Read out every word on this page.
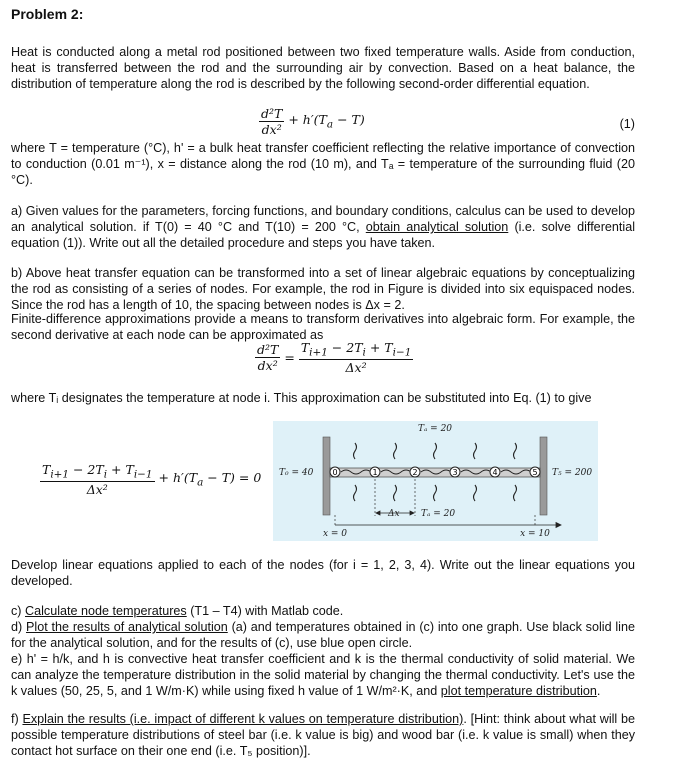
Problem 2:
Heat is conducted along a metal rod positioned between two fixed temperature walls. Aside from conduction, heat is transferred between the rod and the surrounding air by convection. Based on a heat balance, the distribution of temperature along the rod is described by the following second-order differential equation.
$\frac{\text{d²T}}{\text{dx²}} + h'(T_a - T)$	(1)
where T = temperature (°C), h' = a bulk heat transfer coefficient reflecting the relative importance of convection to conduction (0.01 m⁻¹), x = distance along the rod (10 m), and Tₐ = temperature of the surrounding fluid (20 °C).
a) Given values for the parameters, forcing functions, and boundary conditions, calculus can be used to develop an analytical solution. if T(0) = 40 °C and T(10) = 200 °C, obtain analytical solution (i.e. solve differential equation (1)). Write out all the detailed procedure and steps you have taken.
b) Above heat transfer equation can be transformed into a set of linear algebraic equations by conceptualizing the rod as consisting of a series of nodes. For example, the rod in Figure is divided into six equispaced nodes. Since the rod has a length of 10, the spacing between nodes is Δx = 2.
Finite-difference approximations provide a means to transform derivatives into algebraic form. For example, the second derivative at each node can be approximated as
$\frac{\text{d²T}}{\text{dx²}} = \frac{T_{i+1} - 2T_i + T_{i-1}}{\text{Δx²}}$
where Tᵢ designates the temperature at node i. This approximation can be substituted into Eq. (1) to give
$\frac{T_{i+1} - 2T_i + T_{i-1}}{\text{Δx²}} + h'(T_a - T) = 0$	0	1	2	3	4	5
Tₐ = 20
T₀ = 40	T₅ = 200
Δx Tₐ = 20
x = 0	x = 10
Develop linear equations applied to each of the nodes (for i = 1, 2, 3, 4). Write out the linear equations you developed.
c) Calculate node temperatures (T1 – T4) with Matlab code.
d) Plot the results of analytical solution (a) and temperatures obtained in (c) into one graph. Use black solid line for the analytical solution, and for the results of (c), use blue open circle.
e) h' = h/k, and h is convective heat transfer coefficient and k is the thermal conductivity of solid material. We can analyze the temperature distribution in the solid material by changing the thermal conductivity. Let's use the k values (50, 25, 5, and 1 W/m·K) while using fixed h value of 1 W/m²·K, and plot temperature distribution.
f) Explain the results (i.e. impact of different k values on temperature distribution). [Hint: think about what will be possible temperature distributions of steel bar (i.e. k value is big) and wood bar (i.e. k value is small) when they contact hot surface on their one end (i.e. T₅ position)].
